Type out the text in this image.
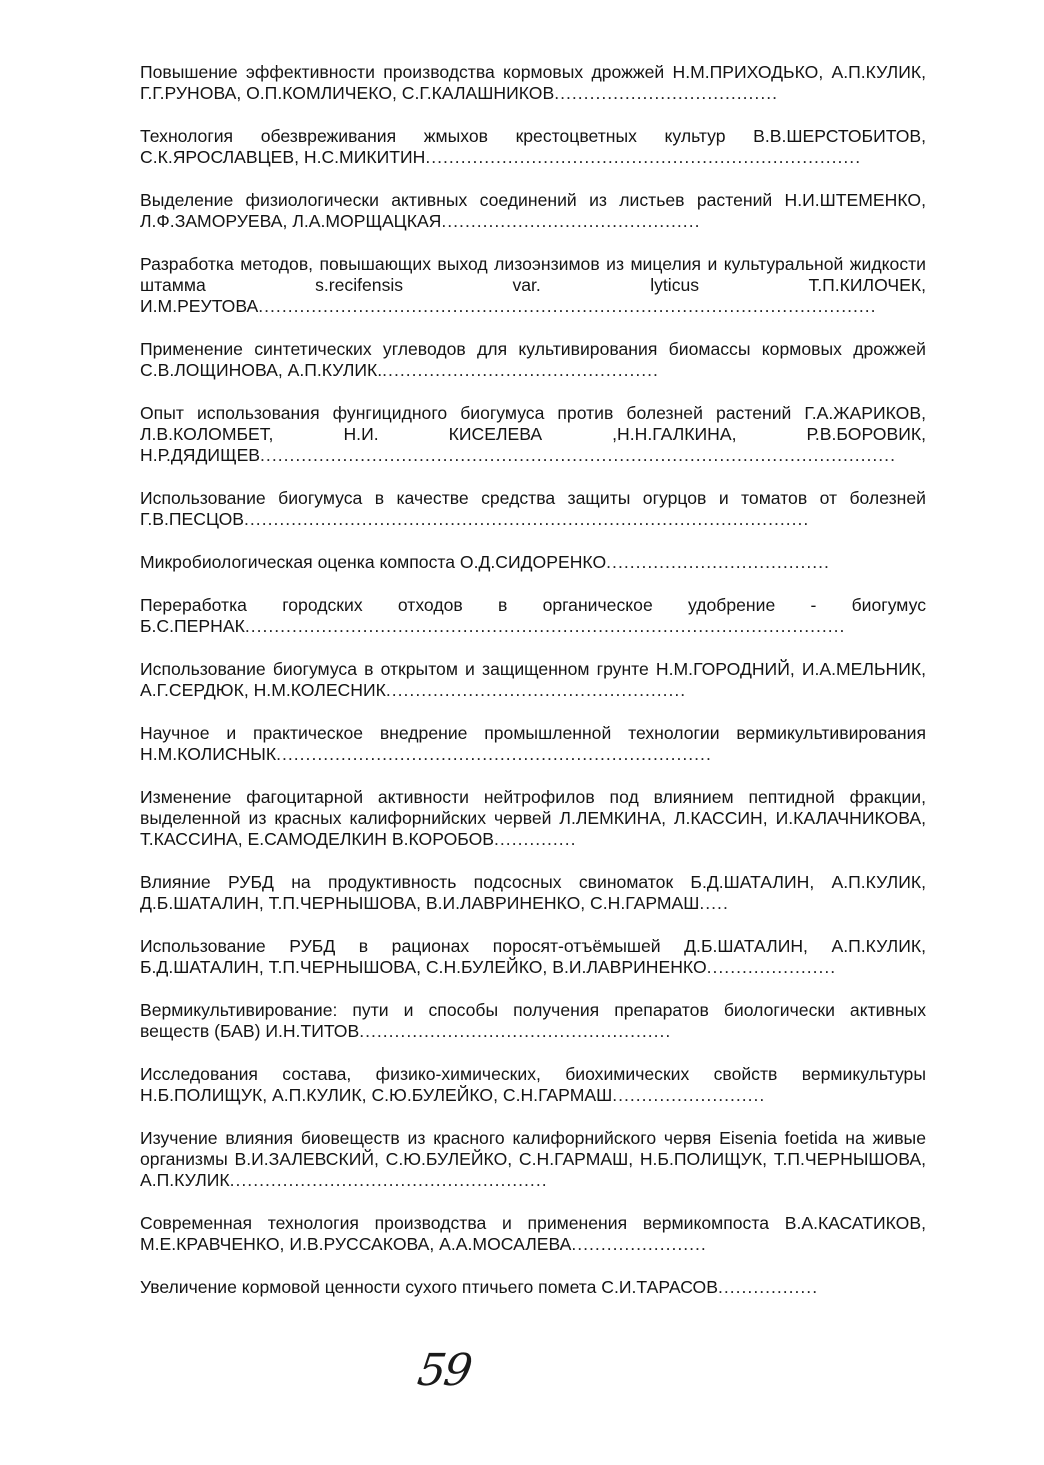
Повышение эффективности производства кормовых дрожжей Н.М.ПРИХОДЬКО, А.П.КУЛИК, Г.Г.РУНОВА, О.П.КОМЛИЧЕКО, С.Г.КАЛАШНИКОВ......................................

Технология обезвреживания жмыхов крестоцветных культур В.В.ШЕРСТОБИТОВ, С.К.ЯРОСЛАВЦЕВ, Н.С.МИКИТИН..........................................................................

Выделение физиологически активных соединений из листьев растений Н.И.ШТЕМЕНКО, Л.Ф.ЗАМОРУЕВА, Л.А.МОРЩАЦКАЯ............................................

Разработка методов, повышающих выход лизоэнзимов из мицелия и культуральной жидкости штамма s.recifensis var. lyticus Т.П.КИЛОЧЕК, И.М.РЕУТОВА.........................................................................................................

Применение синтетических углеводов для культивирования биомассы кормовых дрожжей С.В.ЛОЩИНОВА, А.П.КУЛИК................................................

Опыт использования фунгицидного биогумуса против болезней растений Г.А.ЖАРИКОВ, Л.В.КОЛОМБЕТ, Н.И. КИСЕЛЕВА ,Н.Н.ГАЛКИНА, Р.В.БОРОВИК, Н.Р.ДЯДИЩЕВ............................................................................................................

Использование биогумуса в качестве средства защиты огурцов и томатов от болезней Г.В.ПЕСЦОВ................................................................................................

Микробиологическая оценка компоста О.Д.СИДОРЕНКО......................................

Переработка городских отходов в органическое удобрение - биогумус Б.С.ПЕРНАК......................................................................................................

Использование биогумуса в открытом и защищенном грунте Н.М.ГОРОДНИЙ, И.А.МЕЛЬНИК, А.Г.СЕРДЮК, Н.М.КОЛЕСНИК...................................................

Научное и практическое внедрение промышленной технологии вермикультивирования Н.М.КОЛИСНЫК..........................................................................

Изменение фагоцитарной активности нейтрофилов под влиянием пептидной фракции, выделенной из красных калифорнийских червей Л.ЛЕМКИНА, Л.КАССИН, И.КАЛАЧНИКОВА, Т.КАССИНА, Е.САМОДЕЛКИН В.КОРОБОВ..............

Влияние РУБД на продуктивность подсосных свиноматок Б.Д.ШАТАЛИН, А.П.КУЛИК, Д.Б.ШАТАЛИН, Т.П.ЧЕРНЫШОВА, В.И.ЛАВРИНЕНКО, С.Н.ГАРМАШ.....

Использование РУБД в рационах поросят-отъёмышей Д.Б.ШАТАЛИН, А.П.КУЛИК, Б.Д.ШАТАЛИН, Т.П.ЧЕРНЫШОВА, С.Н.БУЛЕЙКО, В.И.ЛАВРИНЕНКО......................

Вермикультивирование: пути и способы получения препаратов биологически активных веществ (БАВ) И.Н.ТИТОВ.....................................................

Исследования состава, физико-химических, биохимических свойств вермикультуры Н.Б.ПОЛИЩУК, А.П.КУЛИК, С.Ю.БУЛЕЙКО, С.Н.ГАРМАШ..........................

Изучение влияния биовеществ из красного калифорнийского червя Eisenia foetida на живые организмы В.И.ЗАЛЕВСКИЙ, С.Ю.БУЛЕЙКО, С.Н.ГАРМАШ, Н.Б.ПОЛИЩУК, Т.П.ЧЕРНЫШОВА, А.П.КУЛИК......................................................

Современная технология производства и применения вермикомпоста В.А.КАСАТИКОВ, М.Е.КРАВЧЕНКО, И.В.РУССАКОВА, А.А.МОСАЛЕВА.......................

Увеличение кормовой ценности сухого птичьего помета С.И.ТАРАСОВ.................

59
